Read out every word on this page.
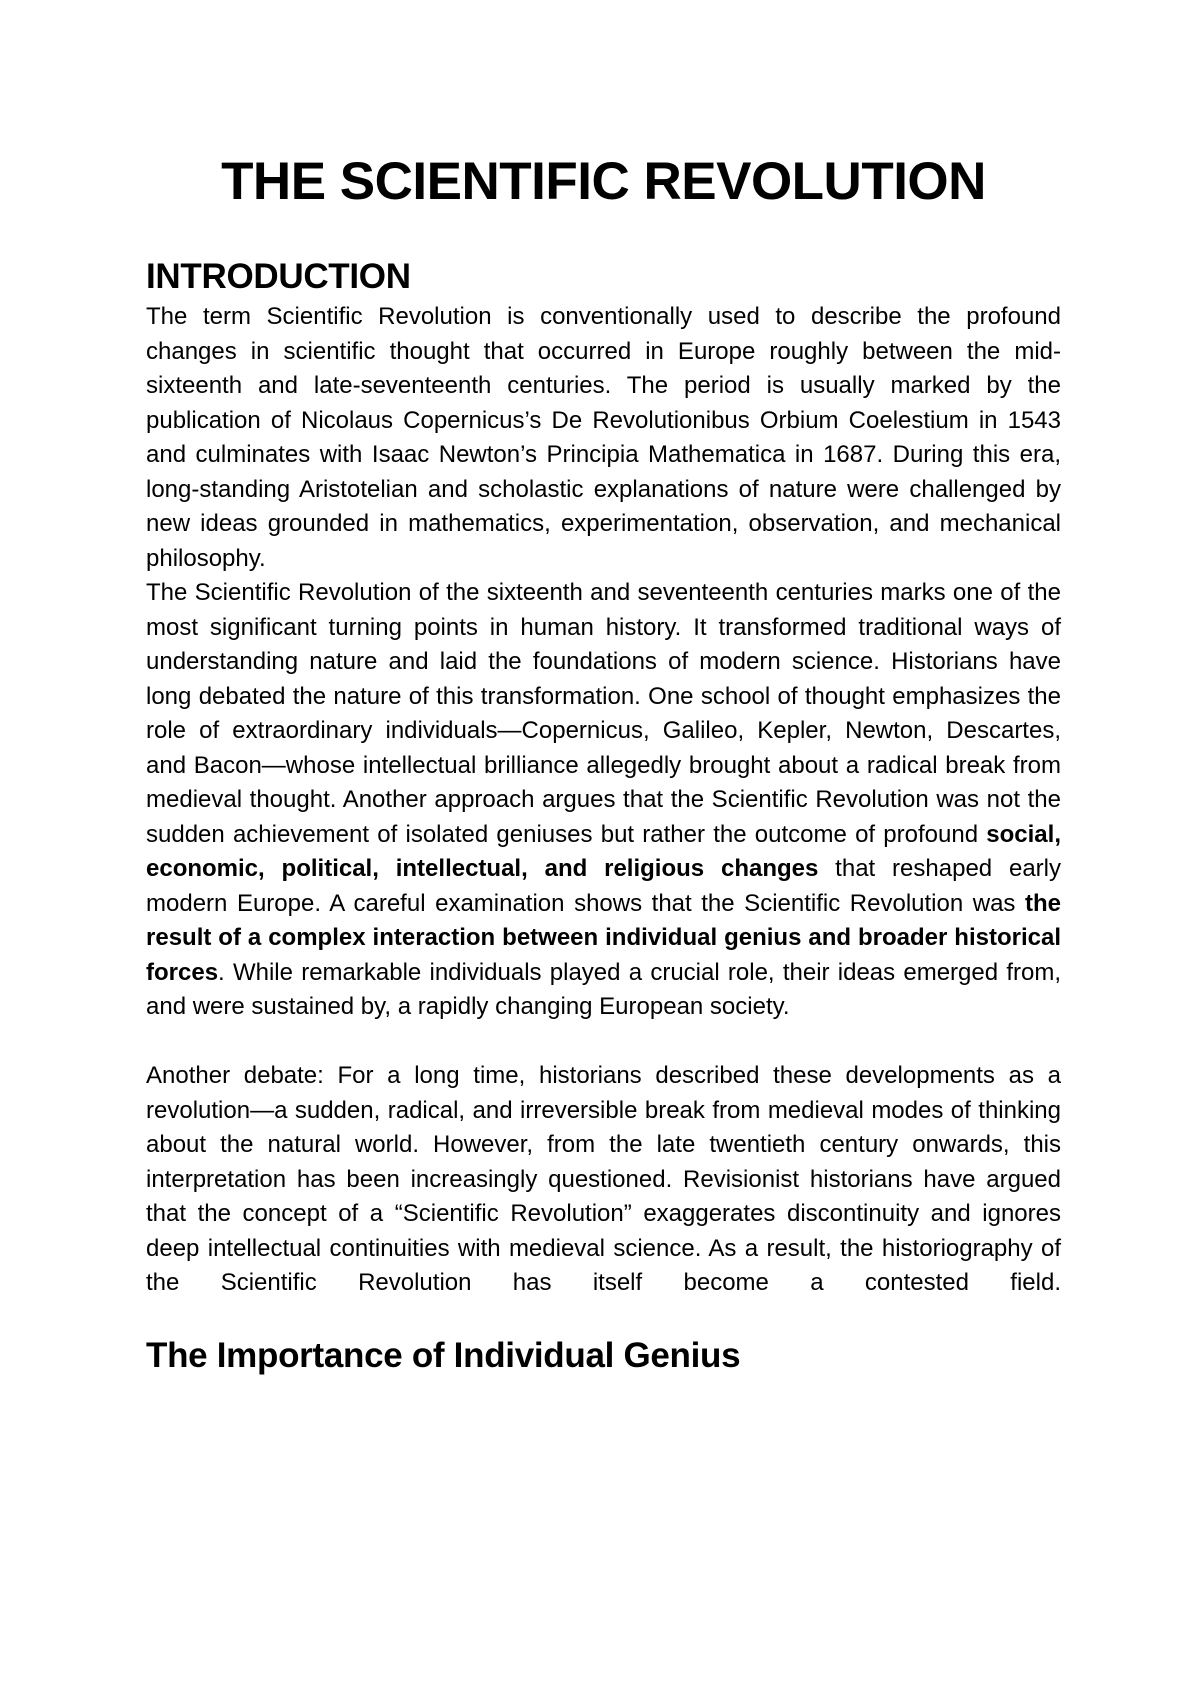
THE SCIENTIFIC REVOLUTION
INTRODUCTION

The term Scientific Revolution is conventionally used to describe the profound changes in scientific thought that occurred in Europe roughly between the mid-sixteenth and late-seventeenth centuries. The period is usually marked by the publication of Nicolaus Copernicus’s De Revolutionibus Orbium Coelestium in 1543 and culminates with Isaac Newton’s Principia Mathematica in 1687. During this era, long-standing Aristotelian and scholastic explanations of nature were challenged by new ideas grounded in mathematics, experimentation, observation, and mechanical philosophy.

The Scientific Revolution of the sixteenth and seventeenth centuries marks one of the most significant turning points in human history. It transformed traditional ways of understanding nature and laid the foundations of modern science. Historians have long debated the nature of this transformation. One school of thought emphasizes the role of extraordinary individuals—Copernicus, Galileo, Kepler, Newton, Descartes, and Bacon—whose intellectual brilliance allegedly brought about a radical break from medieval thought. Another approach argues that the Scientific Revolution was not the sudden achievement of isolated geniuses but rather the outcome of profound social, economic, political, intellectual, and religious changes that reshaped early modern Europe. A careful examination shows that the Scientific Revolution was the result of a complex interaction between individual genius and broader historical forces. While remarkable individuals played a crucial role, their ideas emerged from, and were sustained by, a rapidly changing European society.

Another debate: For a long time, historians described these developments as a revolution—a sudden, radical, and irreversible break from medieval modes of thinking about the natural world. However, from the late twentieth century onwards, this interpretation has been increasingly questioned. Revisionist historians have argued that the concept of a “Scientific Revolution” exaggerates discontinuity and ignores deep intellectual continuities with medieval science. As a result, the historiography of the Scientific Revolution has itself become a contested field.

The Importance of Individual Genius
